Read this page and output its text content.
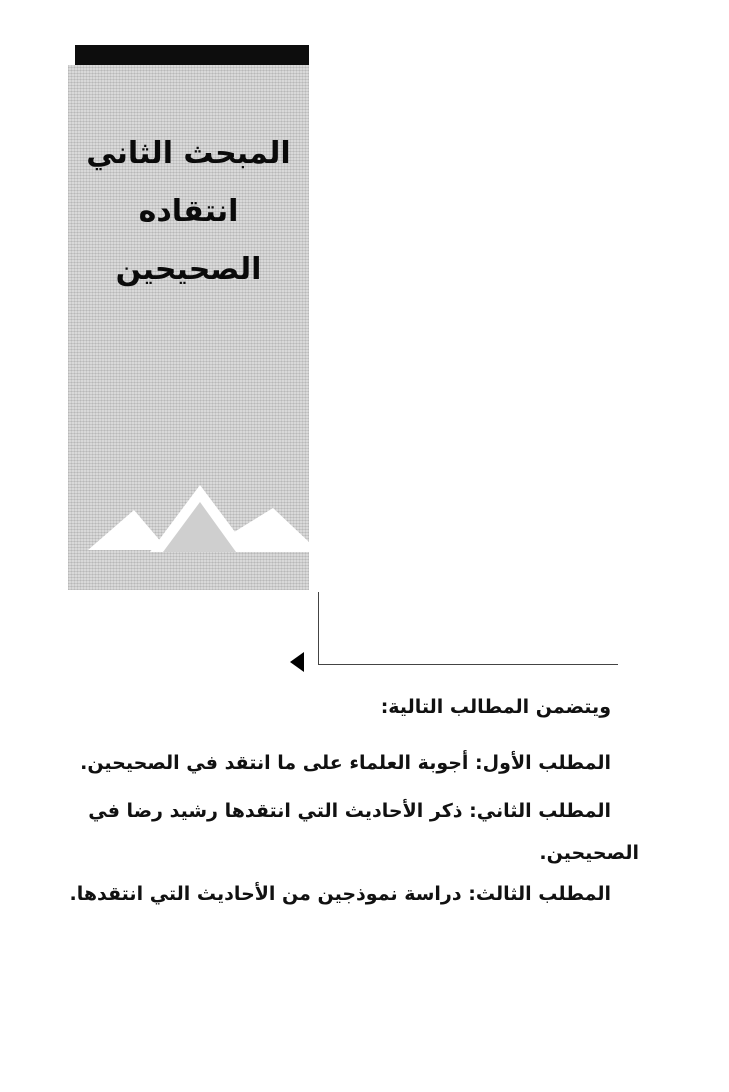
المبحث الثاني
انتقاده
الصحيحين
ويتضمن المطالب التالية:
المطلب الأول: أجوبة العلماء على ما انتقد في الصحيحين.
المطلب الثاني: ذكر الأحاديث التي انتقدها رشيد رضا في
الصحيحين.
المطلب الثالث: دراسة نموذجين من الأحاديث التي انتقدها.
